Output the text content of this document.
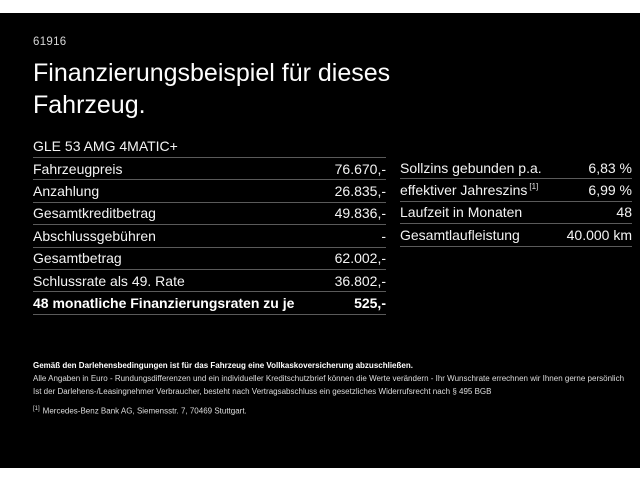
61916
Finanzierungsbeispiel für dieses Fahrzeug.
GLE 53 AMG 4MATIC+
Fahrzeugpreis	76.670,-
Anzahlung	26.835,-
Gesamtkreditbetrag	49.836,-
Abschlussgebühren	-
Gesamtbetrag	62.002,-
Schlussrate als 49. Rate	36.802,-
48 monatliche Finanzierungsraten zu je	525,-
Sollzins gebunden p.a.	6,83 %
effektiver Jahreszins [1]	6,99 %
Laufzeit in Monaten	48
Gesamtlaufleistung	40.000 km
Gemäß den Darlehensbedingungen ist für das Fahrzeug eine Vollkaskoversicherung abzuschließen.
Alle Angaben in Euro - Rundungsdifferenzen und ein individueller Kreditschutzbrief können die Werte verändern - Ihr Wunschrate errechnen wir Ihnen gerne persönlich
Ist der Darlehens-/Leasingnehmer Verbraucher, besteht nach Vertragsabschluss ein gesetzliches Widerrufsrecht nach § 495 BGB
[1] Mercedes-Benz Bank AG, Siemensstr. 7, 70469 Stuttgart.
